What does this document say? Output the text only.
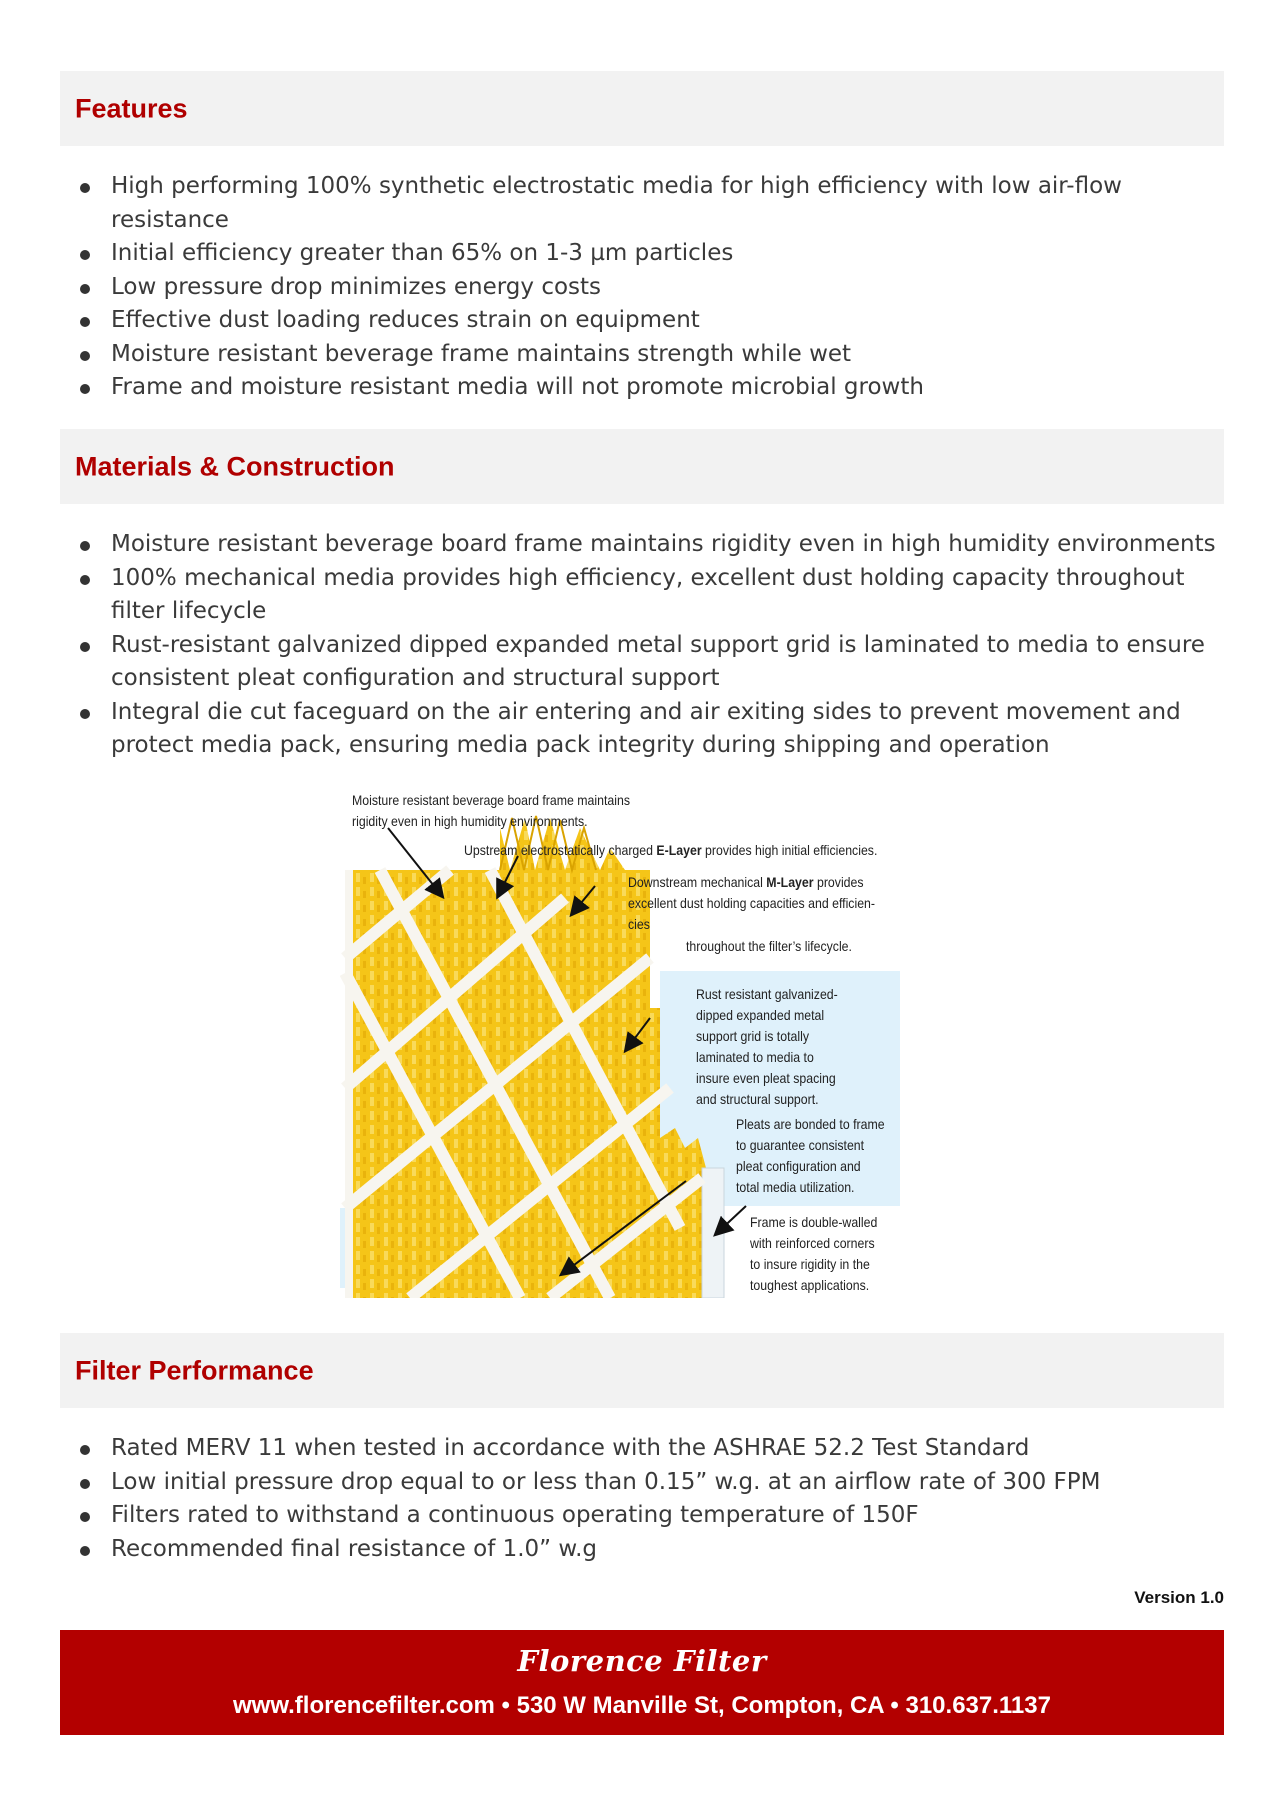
Features
High performing 100% synthetic electrostatic media for high efficiency with low air-flow resistance
Initial efficiency greater than 65% on 1-3 µm particles
Low pressure drop minimizes energy costs
Effective dust loading reduces strain on equipment
Moisture resistant beverage frame maintains strength while wet
Frame and moisture resistant media will not promote microbial growth
Materials & Construction
Moisture resistant beverage board frame maintains rigidity even in high humidity environments
100% mechanical media provides high efficiency, excellent dust holding capacity throughout filter lifecycle
Rust-resistant galvanized dipped expanded metal support grid is laminated to media to ensure consistent pleat configuration and structural support
Integral die cut faceguard on the air entering and air exiting sides to prevent movement and protect media pack, ensuring media pack integrity during shipping and operation
Moisture resistant beverage board frame maintains
rigidity even in high humidity environments.
Upstream electrostatically charged E-Layer provides high initial efficiencies.
Downstream mechanical M-Layer provides
excellent dust holding capacities and efficien-
cies
throughout the filter’s lifecycle.
Rust resistant galvanized-
dipped expanded metal
support grid is totally
laminated to media to
insure even pleat spacing
and structural support.
Pleats are bonded to frame
to guarantee consistent
pleat configuration and
total media utilization.
Frame is double-walled
with reinforced corners
to insure rigidity in the
toughest applications.
Filter Performance
Rated MERV 11 when tested in accordance with the ASHRAE 52.2 Test Standard
Low initial pressure drop equal to or less than 0.15” w.g. at an airflow rate of 300 FPM
Filters rated to withstand a continuous operating temperature of 150F
Recommended final resistance of 1.0” w.g
Version 1.0
Florence Filter
www.florencefilter.com • 530 W Manville St, Compton, CA • 310.637.1137
